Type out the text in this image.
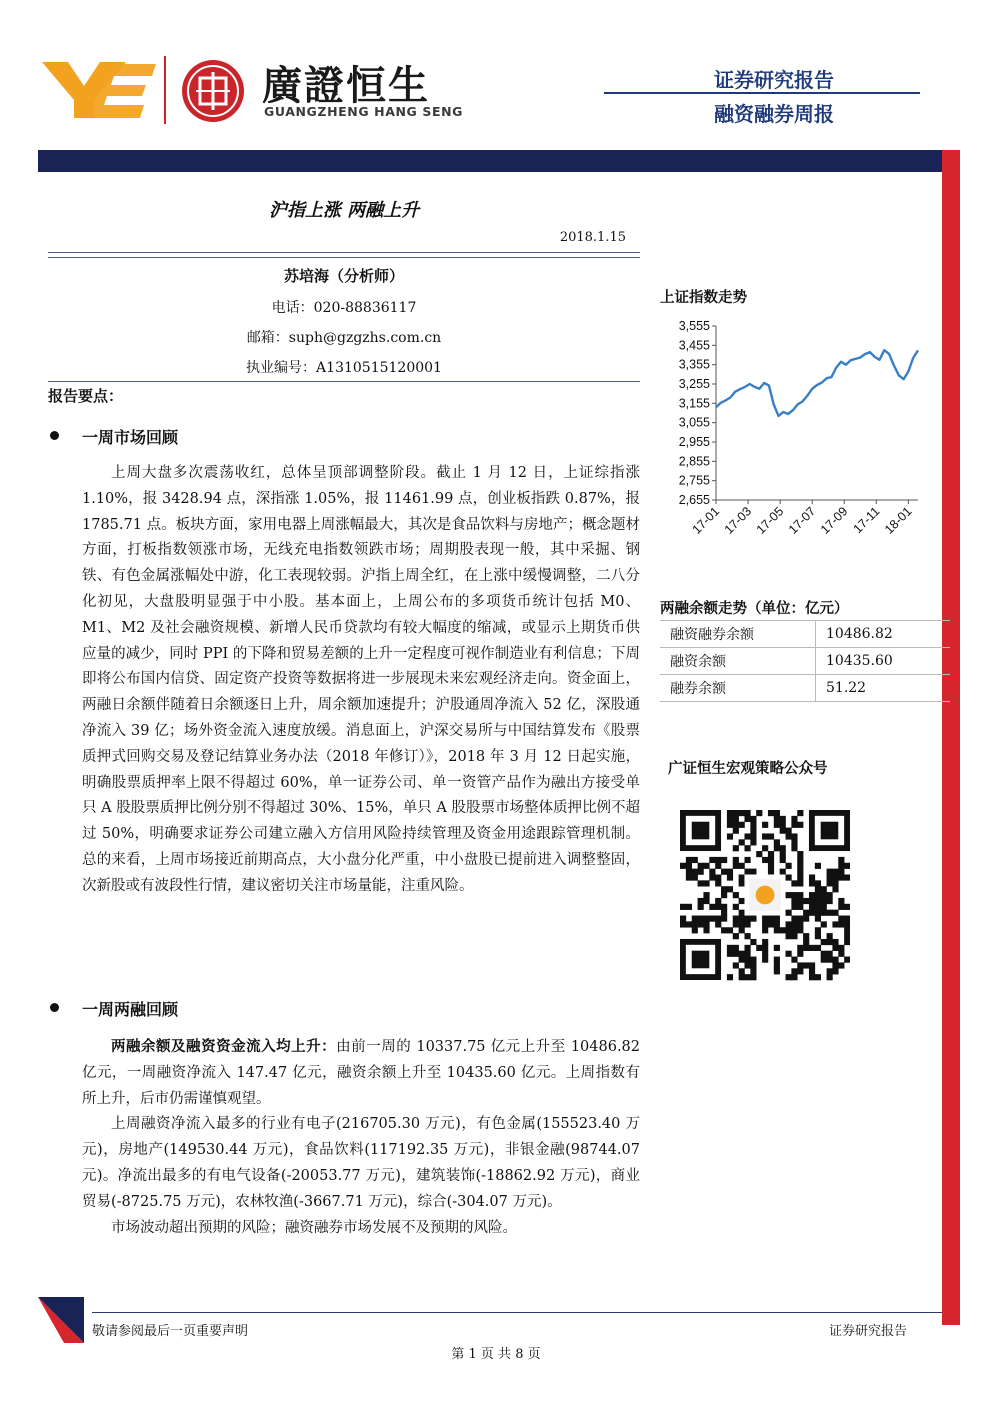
廣證恒生
GUANGZHENG HANG SENG
证券研究报告
融资融券周报
沪指上涨 两融上升
2018.1.15
苏培海（分析师）
电话：020-88836117
邮箱：suph@gzgzhs.com.cn
执业编号：A1310515120001
报告要点：
一周市场回顾

上周大盘多次震荡收红，总体呈顶部调整阶段。截止 1 月 12 日，上证综指涨 1.10%，报 3428.94 点，深指涨 1.05%，报 11461.99 点，创业板指跌 0.87%，报 1785.71 点。板块方面，家用电器上周涨幅最大，其次是食品饮料与房地产；概念题材方面，打板指数领涨市场，无线充电指数领跌市场；周期股表现一般，其中采掘、钢铁、有色金属涨幅处中游，化工表现较弱。沪指上周全红，在上涨中缓慢调整，二八分化初见，大盘股明显强于中小股。基本面上，上周公布的多项货币统计包括 M0、M1、M2 及社会融资规模、新增人民币贷款均有较大幅度的缩减，或显示上期货币供应量的减少，同时 PPI 的下降和贸易差额的上升一定程度可视作制造业有利信息；下周即将公布国内信贷、固定资产投资等数据将进一步展现未来宏观经济走向。资金面上，两融日余额伴随着日余额逐日上升，周余额加速提升；沪股通周净流入 52 亿，深股通净流入 39 亿；场外资金流入速度放缓。消息面上，沪深交易所与中国结算发布《股票质押式回购交易及登记结算业务办法（2018 年修订）》，2018 年 3 月 12 日起实施，明确股票质押率上限不得超过 60%，单一证券公司、单一资管产品作为融出方接受单只 A 股股票质押比例分别不得超过 30%、15%，单只 A 股股票市场整体质押比例不超过 50%，明确要求证券公司建立融入方信用风险持续管理及资金用途跟踪管理机制。总的来看，上周市场接近前期高点，大小盘分化严重，中小盘股已提前进入调整整固，次新股或有波段性行情，建议密切关注市场量能，注重风险。

一周两融回顾

两融余额及融资资金流入均上升：由前一周的 10337.75 亿元上升至 10486.82 亿元，一周融资净流入 147.47 亿元，融资余额上升至 10435.60 亿元。上周指数有所上升，后市仍需谨慎观望。

上周融资净流入最多的行业有电子(216705.30 万元)，有色金属(155523.40 万元)，房地产(149530.44 万元)，食品饮料(117192.35 万元)，非银金融(98744.07 元)。净流出最多的有电气设备(-20053.77 万元)，建筑装饰(-18862.92 万元)，商业贸易(-8725.75 万元)，农林牧渔(-3667.71 万元)，综合(-304.07 万元)。

市场波动超出预期的风险；融资融券市场发展不及预期的风险。

上证指数走势
3,555
3,455
3,355
3,255
3,155
3,055
2,955
2,855
2,755
2,655
17-01 17-03 17-05 17-07 17-09 17-11 18-01
两融余额走势（单位：亿元）
融资融券余额	10486.82
融资余额	10435.60
融券余额	51.22
广证恒生宏观策略公众号
敬请参阅最后一页重要声明	证券研究报告
第 1 页 共 8 页
